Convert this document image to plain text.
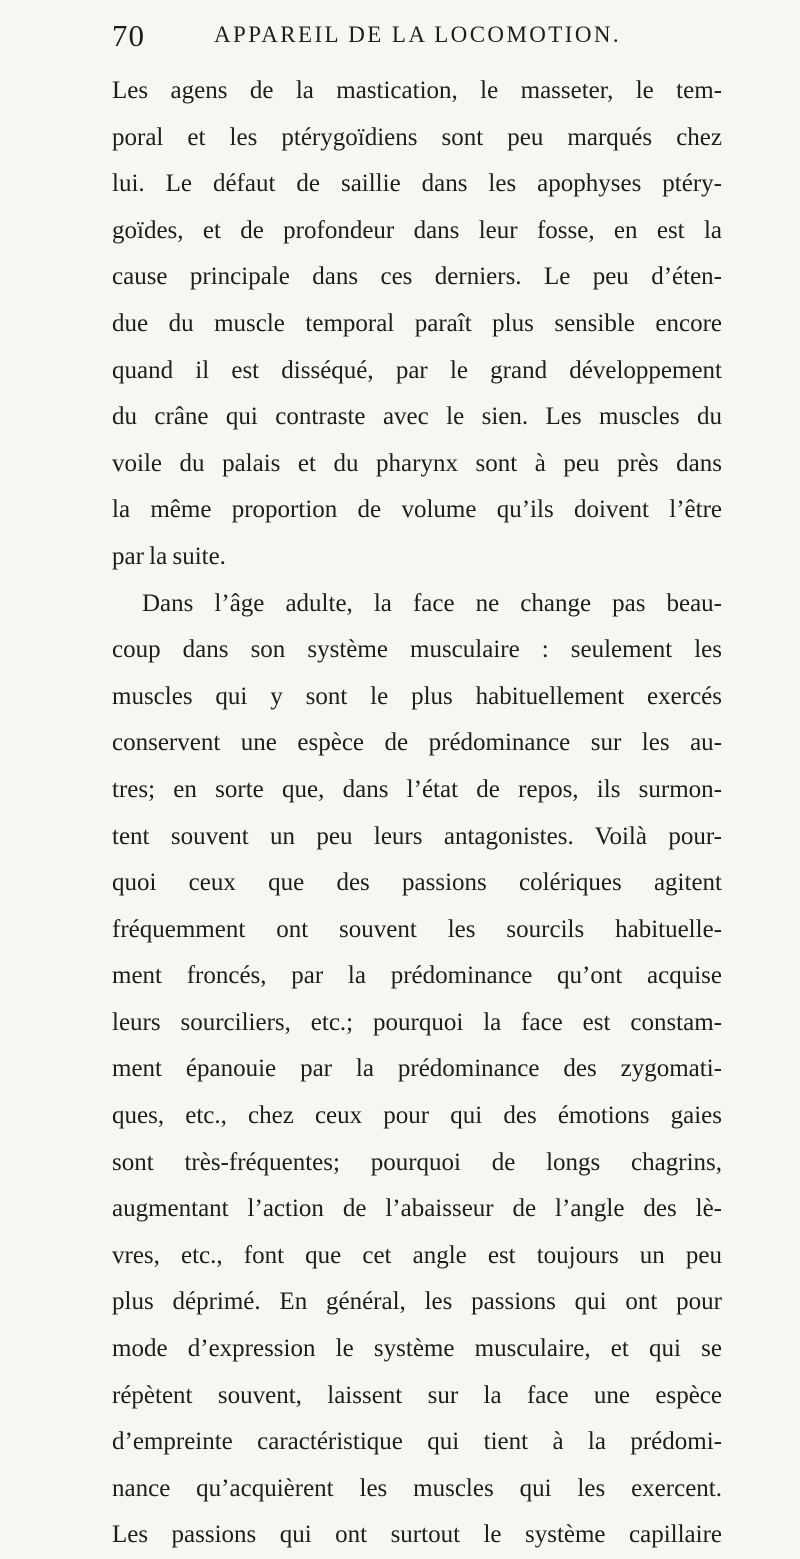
70	APPAREIL DE LA LOCOMOTION.
Les agens de la mastication, le masseter, le tem-
poral et les ptérygoïdiens sont peu marqués chez
lui. Le défaut de saillie dans les apophyses ptéry-
goïdes, et de profondeur dans leur fosse, en est la
cause principale dans ces derniers. Le peu d’éten-
due du muscle temporal paraît plus sensible encore
quand il est disséqué, par le grand développement
du crâne qui contraste avec le sien. Les muscles du
voile du palais et du pharynx sont à peu près dans
la même proportion de volume qu’ils doivent l’être
par la suite.
Dans l’âge adulte, la face ne change pas beau-
coup dans son système musculaire : seulement les
muscles qui y sont le plus habituellement exercés
conservent une espèce de prédominance sur les au-
tres; en sorte que, dans l’état de repos, ils surmon-
tent souvent un peu leurs antagonistes. Voilà pour-
quoi ceux que des passions colériques agitent
fréquemment ont souvent les sourcils habituelle-
ment froncés, par la prédominance qu’ont acquise
leurs sourciliers, etc.; pourquoi la face est constam-
ment épanouie par la prédominance des zygomati-
ques, etc., chez ceux pour qui des émotions gaies
sont très-fréquentes; pourquoi de longs chagrins,
augmentant l’action de l’abaisseur de l’angle des lè-
vres, etc., font que cet angle est toujours un peu
plus déprimé. En général, les passions qui ont pour
mode d’expression le système musculaire, et qui se
répètent souvent, laissent sur la face une espèce
d’empreinte caractéristique qui tient à la prédomi-
nance qu’acquièrent les muscles qui les exercent.
Les passions qui ont surtout le système capillaire
